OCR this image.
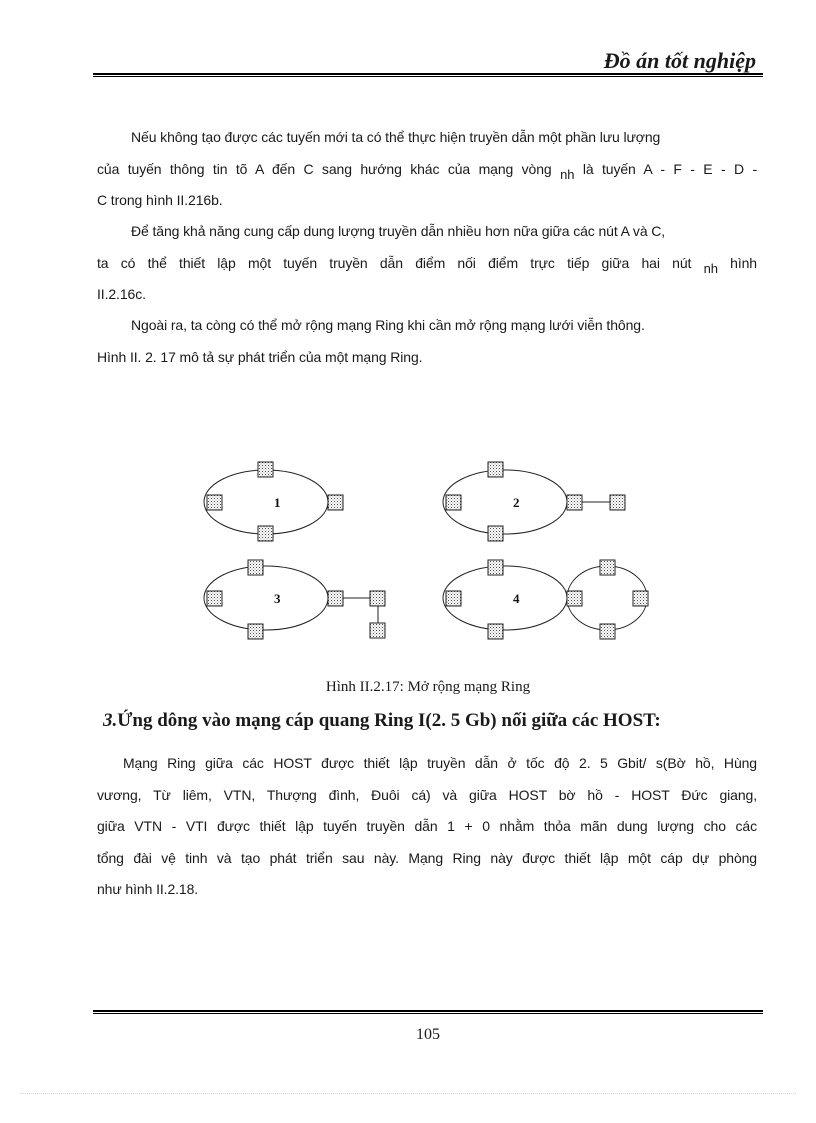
Đồ án tốt nghiệp
Nếu không tạo được các tuyến mới ta có thể thực hiện truyền dẫn một phần lưu lượng
của tuyến thông tin tõ A đến C sang hướng khác của mạng vòng nh là tuyến A - F - E - D -
C trong hình II.216b.
Để tăng khả năng cung cấp dung lượng truyền dẫn nhiều hơn nữa giữa các nút A và C,
ta có thể thiết lập một tuyến truyền dẫn điểm nối điểm trực tiếp giữa hai nút nh hình
II.2.16c.
Ngoài ra, ta còng có thể mở rộng mạng Ring khi cần mở rộng mạng lưới viễn thông.
Hình II. 2. 17 mô tả sự phát triển của một mạng Ring.
1	2
3	4
Hình II.2.17: Mở rộng mạng Ring
3.Ứng dông vào mạng cáp quang Ring I(2. 5 Gb) nối giữa các HOST:
Mạng Ring giữa các HOST được thiết lập truyền dẫn ở tốc độ 2. 5 Gbit/ s(Bờ hồ, Hùng
vương, Từ liêm, VTN, Thượng đình, Đuôi cá) và giữa HOST bờ hồ - HOST Đức giang,
giữa VTN - VTI được thiết lập tuyến truyền dẫn 1 + 0 nhằm thỏa mãn dung lượng cho các
tổng đài vệ tinh và tạo phát triển sau này. Mạng Ring này được thiết lập một cáp dự phòng
như hình II.2.18.
105
